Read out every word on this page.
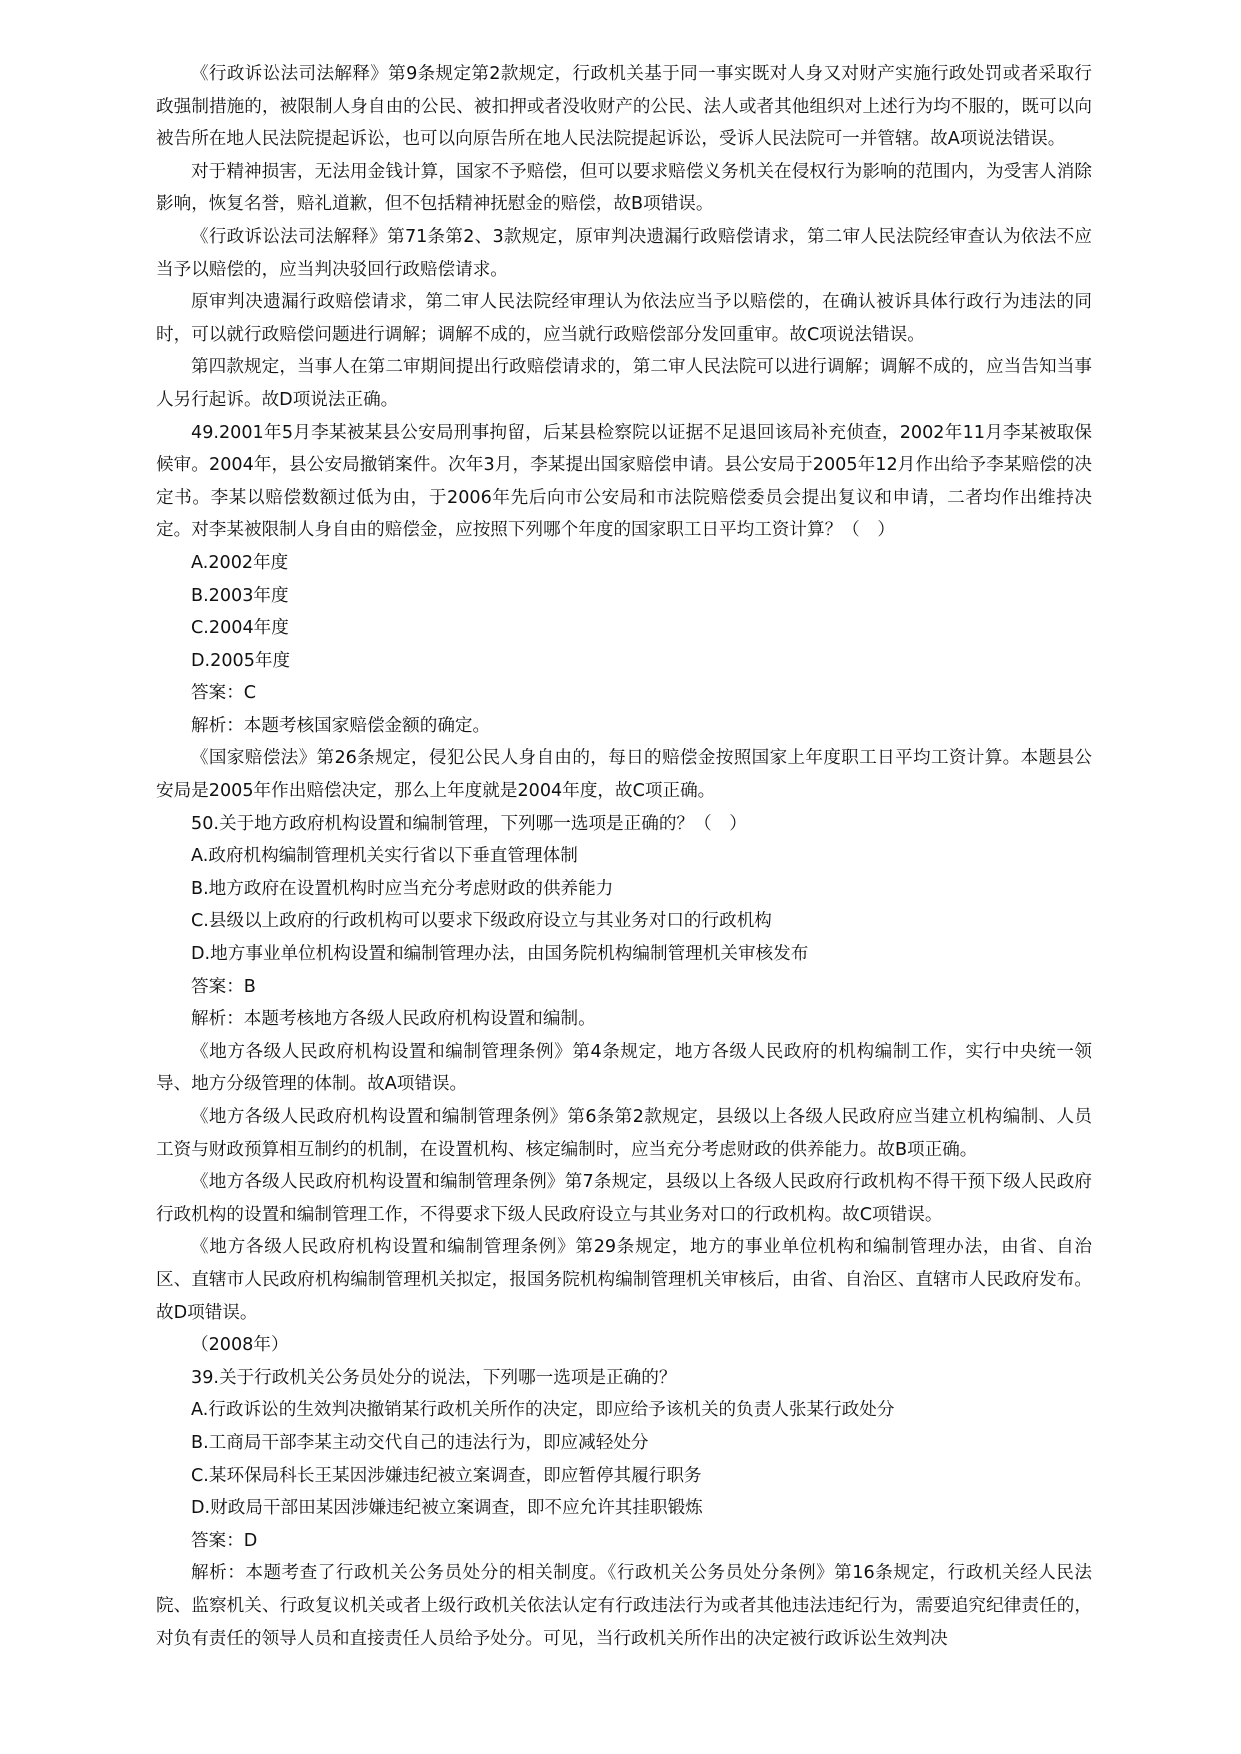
《行政诉讼法司法解释》第9条规定第2款规定，行政机关基于同一事实既对人身又对财产实施行政处罚或者采取行政强制措施的，被限制人身自由的公民、被扣押或者没收财产的公民、法人或者其他组织对上述行为均不服的，既可以向被告所在地人民法院提起诉讼，也可以向原告所在地人民法院提起诉讼，受诉人民法院可一并管辖。故A项说法错误。

对于精神损害，无法用金钱计算，国家不予赔偿，但可以要求赔偿义务机关在侵权行为影响的范围内，为受害人消除影响，恢复名誉，赔礼道歉，但不包括精神抚慰金的赔偿，故B项错误。

《行政诉讼法司法解释》第71条第2、3款规定，原审判决遗漏行政赔偿请求，第二审人民法院经审查认为依法不应当予以赔偿的，应当判决驳回行政赔偿请求。

原审判决遗漏行政赔偿请求，第二审人民法院经审理认为依法应当予以赔偿的，在确认被诉具体行政行为违法的同时，可以就行政赔偿问题进行调解；调解不成的，应当就行政赔偿部分发回重审。故C项说法错误。

第四款规定，当事人在第二审期间提出行政赔偿请求的，第二审人民法院可以进行调解；调解不成的，应当告知当事人另行起诉。故D项说法正确。

49.2001年5月李某被某县公安局刑事拘留，后某县检察院以证据不足退回该局补充侦查，2002年11月李某被取保候审。2004年，县公安局撤销案件。次年3月，李某提出国家赔偿申请。县公安局于2005年12月作出给予李某赔偿的决定书。李某以赔偿数额过低为由，于2006年先后向市公安局和市法院赔偿委员会提出复议和申请，二者均作出维持决定。对李某被限制人身自由的赔偿金，应按照下列哪个年度的国家职工日平均工资计算？（　）

A.2002年度

B.2003年度

C.2004年度

D.2005年度

答案：C

解析：本题考核国家赔偿金额的确定。

《国家赔偿法》第26条规定，侵犯公民人身自由的，每日的赔偿金按照国家上年度职工日平均工资计算。本题县公安局是2005年作出赔偿决定，那么上年度就是2004年度，故C项正确。

50.关于地方政府机构设置和编制管理，下列哪一选项是正确的？（　）

A.政府机构编制管理机关实行省以下垂直管理体制

B.地方政府在设置机构时应当充分考虑财政的供养能力

C.县级以上政府的行政机构可以要求下级政府设立与其业务对口的行政机构

D.地方事业单位机构设置和编制管理办法，由国务院机构编制管理机关审核发布

答案：B

解析：本题考核地方各级人民政府机构设置和编制。

《地方各级人民政府机构设置和编制管理条例》第4条规定，地方各级人民政府的机构编制工作，实行中央统一领导、地方分级管理的体制。故A项错误。

《地方各级人民政府机构设置和编制管理条例》第6条第2款规定，县级以上各级人民政府应当建立机构编制、人员工资与财政预算相互制约的机制，在设置机构、核定编制时，应当充分考虑财政的供养能力。故B项正确。

《地方各级人民政府机构设置和编制管理条例》第7条规定，县级以上各级人民政府行政机构不得干预下级人民政府行政机构的设置和编制管理工作，不得要求下级人民政府设立与其业务对口的行政机构。故C项错误。

《地方各级人民政府机构设置和编制管理条例》第29条规定，地方的事业单位机构和编制管理办法，由省、自治区、直辖市人民政府机构编制管理机关拟定，报国务院机构编制管理机关审核后，由省、自治区、直辖市人民政府发布。故D项错误。

（2008年）

39.关于行政机关公务员处分的说法，下列哪一选项是正确的？

A.行政诉讼的生效判决撤销某行政机关所作的决定，即应给予该机关的负责人张某行政处分

B.工商局干部李某主动交代自己的违法行为，即应减轻处分

C.某环保局科长王某因涉嫌违纪被立案调查，即应暂停其履行职务

D.财政局干部田某因涉嫌违纪被立案调查，即不应允许其挂职锻炼

答案：D

解析：本题考查了行政机关公务员处分的相关制度。《行政机关公务员处分条例》第16条规定，行政机关经人民法院、监察机关、行政复议机关或者上级行政机关依法认定有行政违法行为或者其他违法违纪行为，需要追究纪律责任的，对负有责任的领导人员和直接责任人员给予处分。可见，当行政机关所作出的决定被行政诉讼生效判决
